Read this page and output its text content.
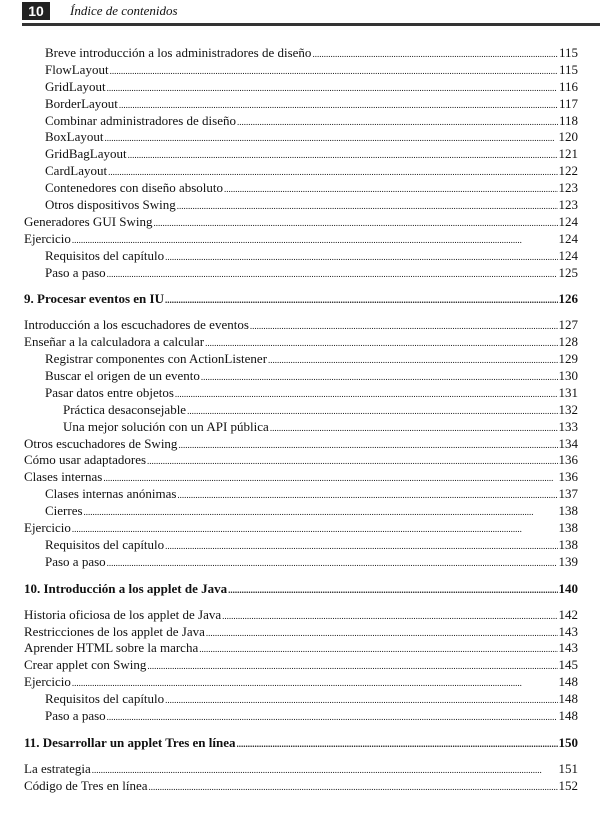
10	Índice de contenidos
Breve introducción a los administradores de diseño .....	115
FlowLayout .....	115
GridLayout .....	116
BorderLayout .....	117
Combinar administradores de diseño .....	118
BoxLayout .....	120
GridBagLayout .....	121
CardLayout .....	122
Contenedores con diseño absoluto .....	123
Otros dispositivos Swing .....	123
Generadores GUI Swing .....	124
Ejercicio .....	124
Requisitos del capítulo .....	124
Paso a paso .....	125
9. Procesar eventos en IU .....	126
Introducción a los escuchadores de eventos .....	127
Enseñar a la calculadora a calcular .....	128
Registrar componentes con ActionListener .....	129
Buscar el origen de un evento .....	130
Pasar datos entre objetos .....	131
Práctica desaconsejable .....	132
Una mejor solución con un API pública .....	133
Otros escuchadores de Swing .....	134
Cómo usar adaptadores .....	136
Clases internas .....	136
Clases internas anónimas .....	137
Cierres .....	138
Ejercicio .....	138
Requisitos del capítulo .....	138
Paso a paso .....	139
10. Introducción a los applet de Java .....	140
Historia oficiosa de los applet de Java .....	142
Restricciones de los applet de Java .....	143
Aprender HTML sobre la marcha .....	143
Crear applet con Swing .....	145
Ejercicio .....	148
Requisitos del capítulo .....	148
Paso a paso .....	148
11. Desarrollar un applet Tres en línea .....	150
La estrategia .....	151
Código de Tres en línea .....	152
